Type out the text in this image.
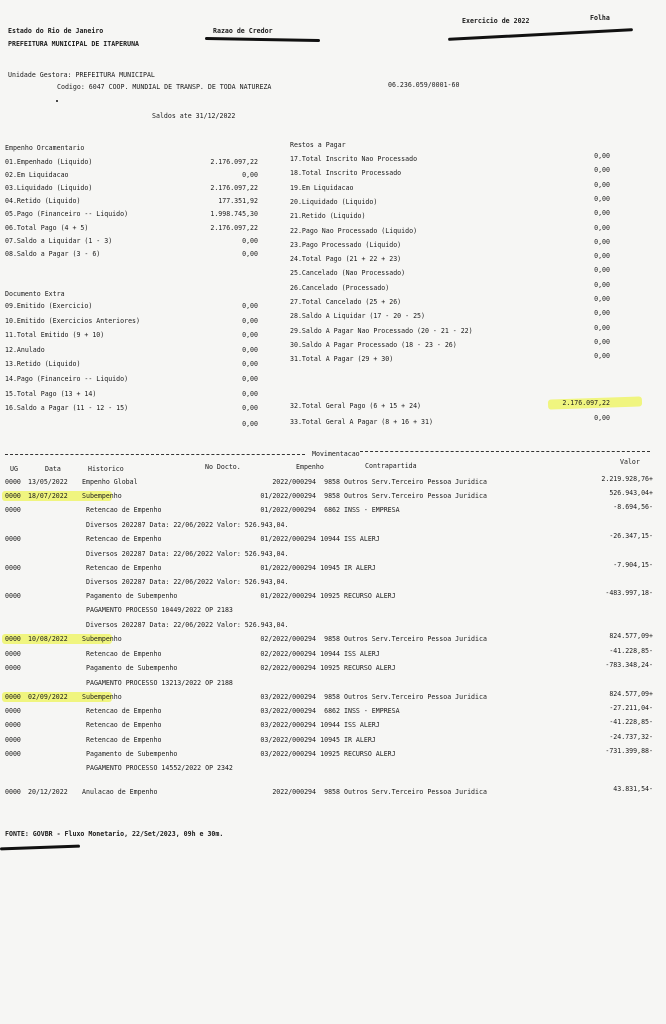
Estado do Rio de Janeiro
PREFEITURA MUNICIPAL DE ITAPERUNA
Razao de Credor
Exercicio de 2022	Folha
Unidade Gestora: PREFEITURA MUNICIPAL
Codigo: 6047 COOP. MUNDIAL DE TRANSP. DE TODA NATUREZA	06.236.059/0001-60
Saldos ate 31/12/2022
Empenho Orcamentario
01.Empenhado (Liquido)	2.176.097,22
02.Em Liquidacao	0,00
03.Liquidado (Liquido)	2.176.097,22
04.Retido (Liquido)	177.351,92
05.Pago (Financeiro -- Liquido)	1.998.745,30
06.Total Pago (4 + 5)	2.176.097,22
07.Saldo a Liquidar (1 - 3)	0,00
08.Saldo a Pagar (3 - 6)	0,00
Documento Extra
09.Emitido (Exercicio)	0,00
10.Emitido (Exercicios Anteriores)	0,00
11.Total Emitido (9 + 10)	0,00
12.Anulado	0,00
13.Retido (Liquido)	0,00
14.Pago (Financeiro -- Liquido)	0,00
15.Total Pago (13 + 14)	0,00
16.Saldo a Pagar (11 - 12 - 15)	0,00
0,00
Restos a Pagar
17.Total Inscrito Nao Processado	0,00
18.Total Inscrito Processado	0,00
19.Em Liquidacao	0,00
20.Liquidado (Liquido)	0,00
21.Retido (Liquido)	0,00
22.Pago Nao Processado (Liquido)	0,00
23.Pago Processado (Liquido)	0,00
24.Total Pago (21 + 22 + 23)	0,00
25.Cancelado (Nao Processado)	0,00
26.Cancelado (Processado)	0,00
27.Total Cancelado (25 + 26)	0,00
28.Saldo A Liquidar (17 - 20 - 25)	0,00
29.Saldo A Pagar Nao Processado (20 - 21 - 22)	0,00
30.Saldo A Pagar Processado (18 - 23 - 26)	0,00
31.Total A Pagar (29 + 30)	0,00
32.Total Geral Pago (6 + 15 + 24)	2.176.097,22
33.Total Geral A Pagar (8 + 16 + 31)	0,00
Movimentacao
UG	Data	Historico	No Docto.	Empenho	Contrapartida	Valor
0000 13/05/2022 Empenho Global	2022/000294	9858 Outros Serv.Terceiro Pessoa Juridica	2.219.928,76+
0000 18/07/2022 Subempenho	01/2022/000294	9858 Outros Serv.Terceiro Pessoa Juridica	526.943,04+
0000	Retencao de Empenho	01/2022/000294	6862 INSS - EMPRESA	-8.694,56-
Diversos 202287 Data: 22/06/2022 Valor: 526.943,04.
0000	Retencao de Empenho	01/2022/000294 10944 ISS ALERJ	-26.347,15-
Diversos 202287 Data: 22/06/2022 Valor: 526.943,04.
0000	Retencao de Empenho	01/2022/000294 10945 IR ALERJ	-7.904,15-
Diversos 202287 Data: 22/06/2022 Valor: 526.943,04.
0000	Pagamento de Subempenho	01/2022/000294 10925 RECURSO ALERJ	-483.997,18-
PAGAMENTO PROCESSO 10449/2022 OP 2183
Diversos 202287 Data: 22/06/2022 Valor: 526.943,04.
0000 10/08/2022 Subempenho	02/2022/000294	9858 Outros Serv.Terceiro Pessoa Juridica	824.577,09+
0000	Retencao de Empenho	02/2022/000294 10944 ISS ALERJ	-41.228,85-
0000	Pagamento de Subempenho	02/2022/000294 10925 RECURSO ALERJ	-783.348,24-
PAGAMENTO PROCESSO 13213/2022 OP 2188
0000 02/09/2022 Subempenho	03/2022/000294	9858 Outros Serv.Terceiro Pessoa Juridica	824.577,09+
0000	Retencao de Empenho	03/2022/000294	6862 INSS - EMPRESA	-27.211,04-
0000	Retencao de Empenho	03/2022/000294 10944 ISS ALERJ	-41.228,85-
0000	Retencao de Empenho	03/2022/000294 10945 IR ALERJ	-24.737,32-
0000	Pagamento de Subempenho	03/2022/000294 10925 RECURSO ALERJ	-731.399,88-
PAGAMENTO PROCESSO 14552/2022 OP 2342
0000 20/12/2022 Anulacao de Empenho	2022/000294	9858 Outros Serv.Terceiro Pessoa Juridica	43.831,54-
FONTE: GOVBR - Fluxo Monetario, 22/Set/2023, 09h e 30m.
